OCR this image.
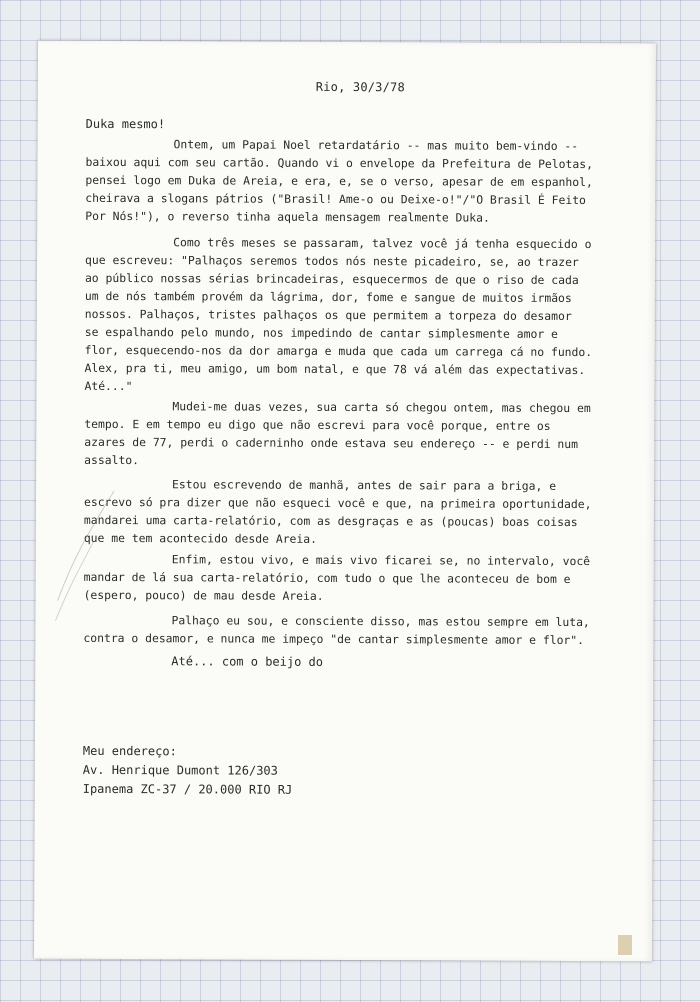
Rio, 30/3/78
Duka mesmo!

Ontem, um Papai Noel retardatário -- mas muito bem-vindo --
baixou aqui com seu cartão. Quando vi o envelope da Prefeitura de Pelotas,
pensei logo em Duka de Areia, e era, e, se o verso, apesar de em espanhol,
cheirava a slogans pátrios ("Brasil! Ame-o ou Deixe-o!"/"O Brasil É Feito
Por Nós!"), o reverso tinha aquela mensagem realmente Duka.

Como três meses se passaram, talvez você já tenha esquecido o
que escreveu: "Palhaços seremos todos nós neste picadeiro, se, ao trazer
ao público nossas sérias brincadeiras, esquecermos de que o riso de cada
um de nós também provém da lágrima, dor, fome e sangue de muitos irmãos
nossos. Palhaços, tristes palhaços os que permitem a torpeza do desamor
se espalhando pelo mundo, nos impedindo de cantar simplesmente amor e
flor, esquecendo-nos da dor amarga e muda que cada um carrega cá no fundo.
Alex, pra ti, meu amigo, um bom natal, e que 78 vá além das expectativas.
Até..."

Mudei-me duas vezes, sua carta só chegou ontem, mas chegou em
tempo. E em tempo eu digo que não escrevi para você porque, entre os
azares de 77, perdi o caderninho onde estava seu endereço -- e perdi num
assalto.

Estou escrevendo de manhã, antes de sair para a briga, e
escrevo só pra dizer que não esqueci você e que, na primeira oportunidade,
mandarei uma carta-relatório, com as desgraças e as (poucas) boas coisas
que me tem acontecido desde Areia.

Enfim, estou vivo, e mais vivo ficarei se, no intervalo, você
mandar de lá sua carta-relatório, com tudo o que lhe aconteceu de bom e
(espero, pouco) de mau desde Areia.

Palhaço eu sou, e consciente disso, mas estou sempre em luta,
contra o desamor, e nunca me impeço "de cantar simplesmente amor e flor".

Até... com o beijo do
Meu endereço:
Av. Henrique Dumont 126/303
Ipanema ZC-37 / 20.000 RIO RJ
